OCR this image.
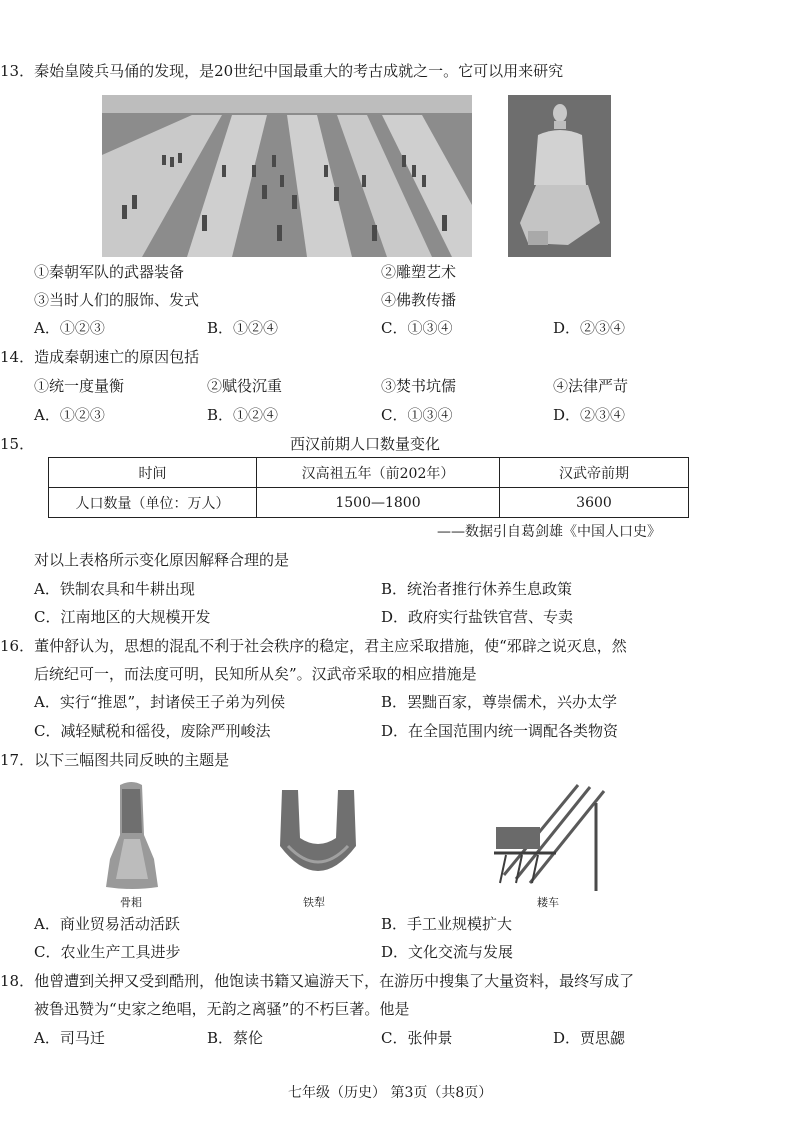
13．秦始皇陵兵马俑的发现，是20世纪中国最重大的考古成就之一。它可以用来研究
①秦朝军队的武器装备	②雕塑艺术
③当时人们的服饰、发式	④佛教传播
A．①②③	B．①②④	C．①③④	D．②③④
14．造成秦朝速亡的原因包括
①统一度量衡	②赋役沉重	③焚书坑儒	④法律严苛
A．①②③	B．①②④	C．①③④	D．②③④
15．	西汉前期人口数量变化
时间	汉高祖五年（前202年）	汉武帝前期
人口数量（单位：万人）	1500—1800	3600
——数据引自葛剑雄《中国人口史》
对以上表格所示变化原因解释合理的是
A．铁制农具和牛耕出现	B．统治者推行休养生息政策
C．江南地区的大规模开发	D．政府实行盐铁官营、专卖
16．董仲舒认为，思想的混乱不利于社会秩序的稳定，君主应采取措施，使“邪辟之说灭息，然
后统纪可一，而法度可明，民知所从矣”。汉武帝采取的相应措施是
A．实行“推恩”，封诸侯王子弟为列侯	B．罢黜百家，尊崇儒术，兴办太学
C．减轻赋税和徭役，废除严刑峻法	D．在全国范围内统一调配各类物资
17．以下三幅图共同反映的主题是
骨耜	铁犁	耧车
A．商业贸易活动活跃	B．手工业规模扩大
C．农业生产工具进步	D．文化交流与发展
18．他曾遭到关押又受到酷刑，他饱读书籍又遍游天下，在游历中搜集了大量资料，最终写成了
被鲁迅赞为“史家之绝唱，无韵之离骚”的不朽巨著。他是
A．司马迁	B．蔡伦	C．张仲景	D．贾思勰
七年级（历史） 第3页（共8页）
